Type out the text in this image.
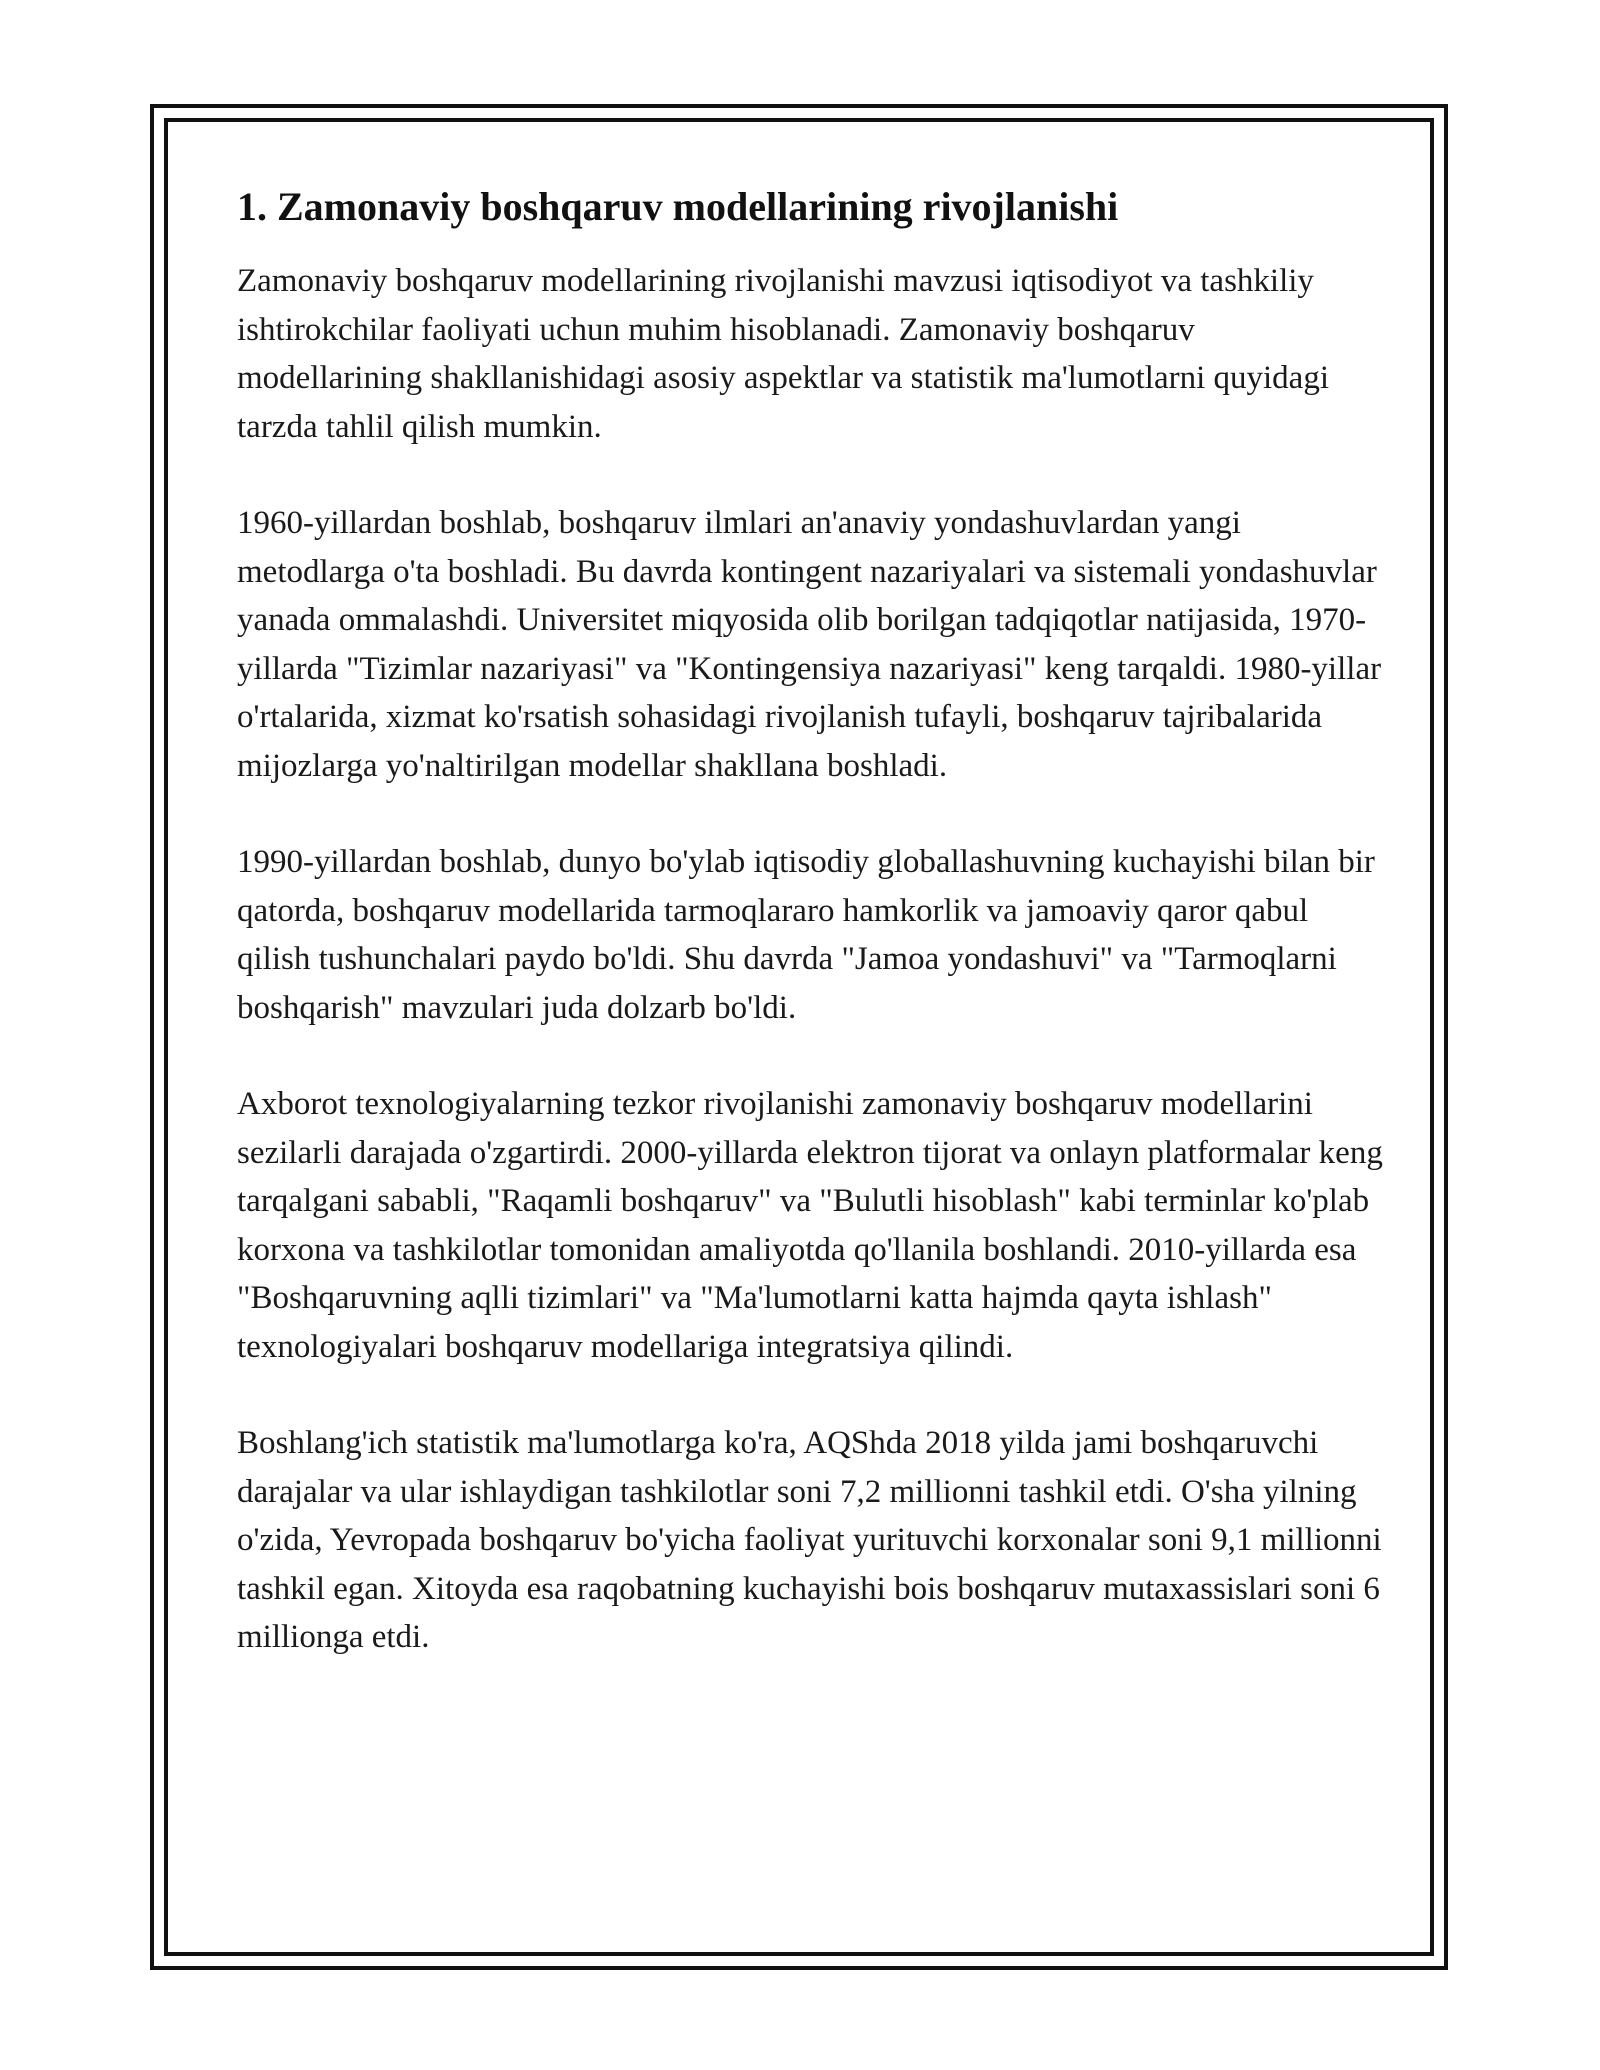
1. Zamonaviy boshqaruv modellarining rivojlanishi

Zamonaviy boshqaruv modellarining rivojlanishi mavzusi iqtisodiyot va tashkiliy ishtirokchilar faoliyati uchun muhim hisoblanadi. Zamonaviy boshqaruv modellarining shakllanishidagi asosiy aspektlar va statistik ma'lumotlarni quyidagi tarzda tahlil qilish mumkin.

1960-yillardan boshlab, boshqaruv ilmlari an'anaviy yondashuvlardan yangi metodlarga o'ta boshladi. Bu davrda kontingent nazariyalari va sistemali yondashuvlar yanada ommalashdi. Universitet miqyosida olib borilgan tadqiqotlar natijasida, 1970-yillarda "Tizimlar nazariyasi" va "Kontingensiya nazariyasi" keng tarqaldi. 1980-yillar o'rtalarida, xizmat ko'rsatish sohasidagi rivojlanish tufayli, boshqaruv tajribalarida mijozlarga yo'naltirilgan modellar shakllana boshladi.

1990-yillardan boshlab, dunyo bo'ylab iqtisodiy globallashuvning kuchayishi bilan bir qatorda, boshqaruv modellarida tarmoqlararo hamkorlik va jamoaviy qaror qabul qilish tushunchalari paydo bo'ldi. Shu davrda "Jamoa yondashuvi" va "Tarmoqlarni boshqarish" mavzulari juda dolzarb bo'ldi.

Axborot texnologiyalarning tezkor rivojlanishi zamonaviy boshqaruv modellarini sezilarli darajada o'zgartirdi. 2000-yillarda elektron tijorat va onlayn platformalar keng tarqalgani sababli, "Raqamli boshqaruv" va "Bulutli hisoblash" kabi terminlar ko'plab korxona va tashkilotlar tomonidan amaliyotda qo'llanila boshlandi. 2010-yillarda esa "Boshqaruvning aqlli tizimlari" va "Ma'lumotlarni katta hajmda qayta ishlash" texnologiyalari boshqaruv modellariga integratsiya qilindi.

Boshlang'ich statistik ma'lumotlarga ko'ra, AQShda 2018 yilda jami boshqaruvchi darajalar va ular ishlaydigan tashkilotlar soni 7,2 millionni tashkil etdi. O'sha yilning o'zida, Yevropada boshqaruv bo'yicha faoliyat yurituvchi korxonalar soni 9,1 millionni tashkil egan. Xitoyda esa raqobatning kuchayishi bois boshqaruv mutaxassislari soni 6 millionga etdi.
